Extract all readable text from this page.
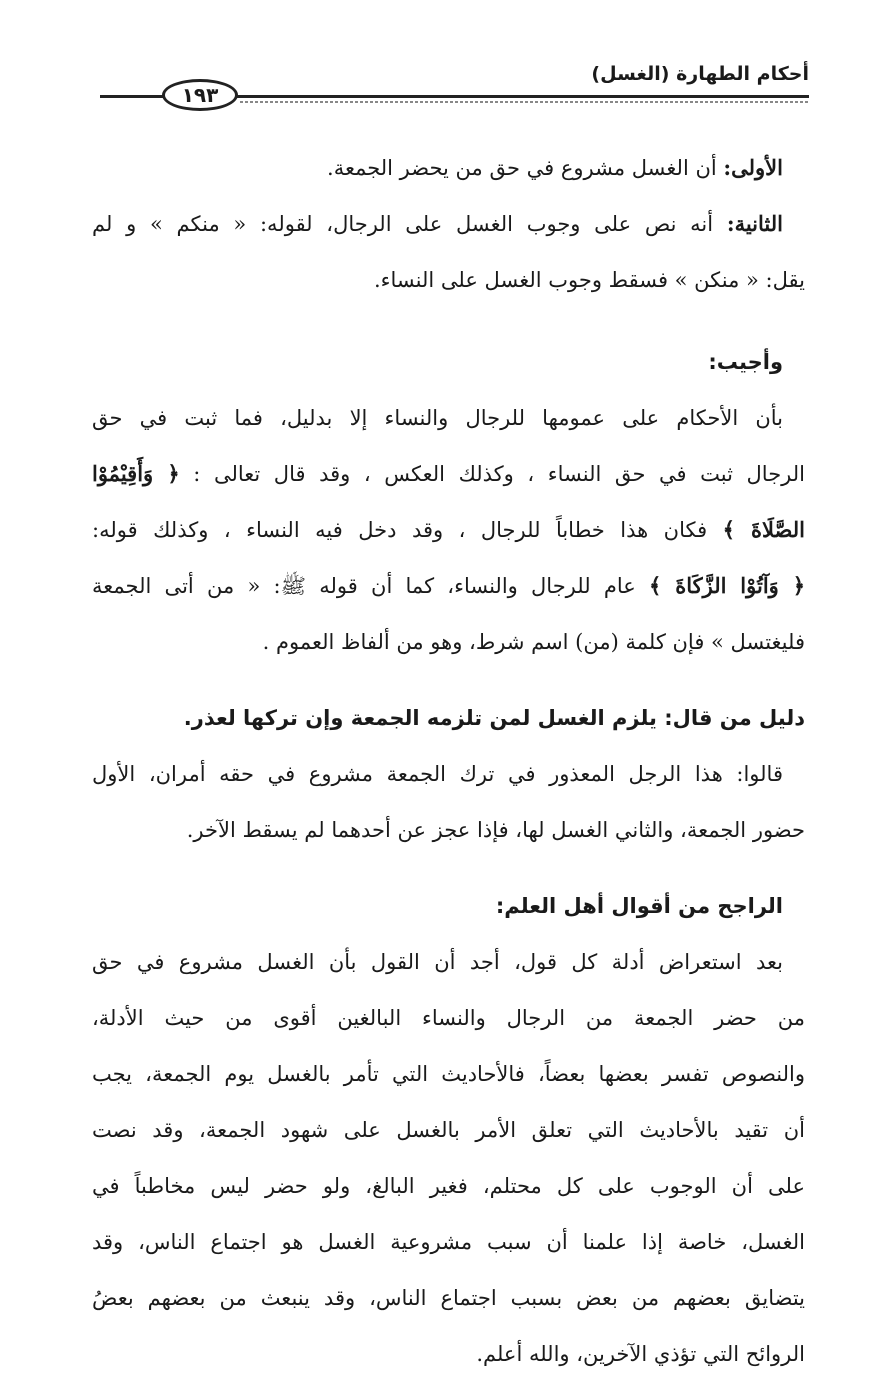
أحكام الطهارة (الغسل)
١٩٣
الأولى: أن الغسل مشروع في حق من يحضر الجمعة.
الثانية: أنه نص على وجوب الغسل على الرجال، لقوله: « منكم » و لم
يقل: « منكن » فسقط وجوب الغسل على النساء.
وأجيب:
بأن الأحكام على عمومها للرجال والنساء إلا بدليل، فما ثبت في حق
الرجال ثبت في حق النساء ، وكذلك العكس ، وقد قال تعالى : ﴿ وَأَقِيْمُوْا
الصَّلَاةَ ﴾ فكان هذا خطاباً للرجال ، وقد دخل فيه النساء ، وكذلك قوله:
﴿ وَآتُوْا الزَّكَاةَ ﴾ عام للرجال والنساء، كما أن قوله ﷺ: « من أتى الجمعة
فليغتسل » فإن كلمة (من) اسم شرط، وهو من ألفاظ العموم .
دليل من قال: يلزم الغسل لمن تلزمه الجمعة وإن تركها لعذر.
قالوا: هذا الرجل المعذور في ترك الجمعة مشروع في حقه أمران، الأول
حضور الجمعة، والثاني الغسل لها، فإذا عجز عن أحدهما لم يسقط الآخر.
الراجح من أقوال أهل العلم:
بعد استعراض أدلة كل قول، أجد أن القول بأن الغسل مشروع في حق
من حضر الجمعة من الرجال والنساء البالغين أقوى من حيث الأدلة،
والنصوص تفسر بعضها بعضاً، فالأحاديث التي تأمر بالغسل يوم الجمعة، يجب
أن تقيد بالأحاديث التي تعلق الأمر بالغسل على شهود الجمعة، وقد نصت
على أن الوجوب على كل محتلم، فغير البالغ، ولو حضر ليس مخاطباً في
الغسل، خاصة إذا علمنا أن سبب مشروعية الغسل هو اجتماع الناس، وقد
يتضايق بعضهم من بعض بسبب اجتماع الناس، وقد ينبعث من بعضهم بعضُ
الروائح التي تؤذي الآخرين، والله أعلم.
